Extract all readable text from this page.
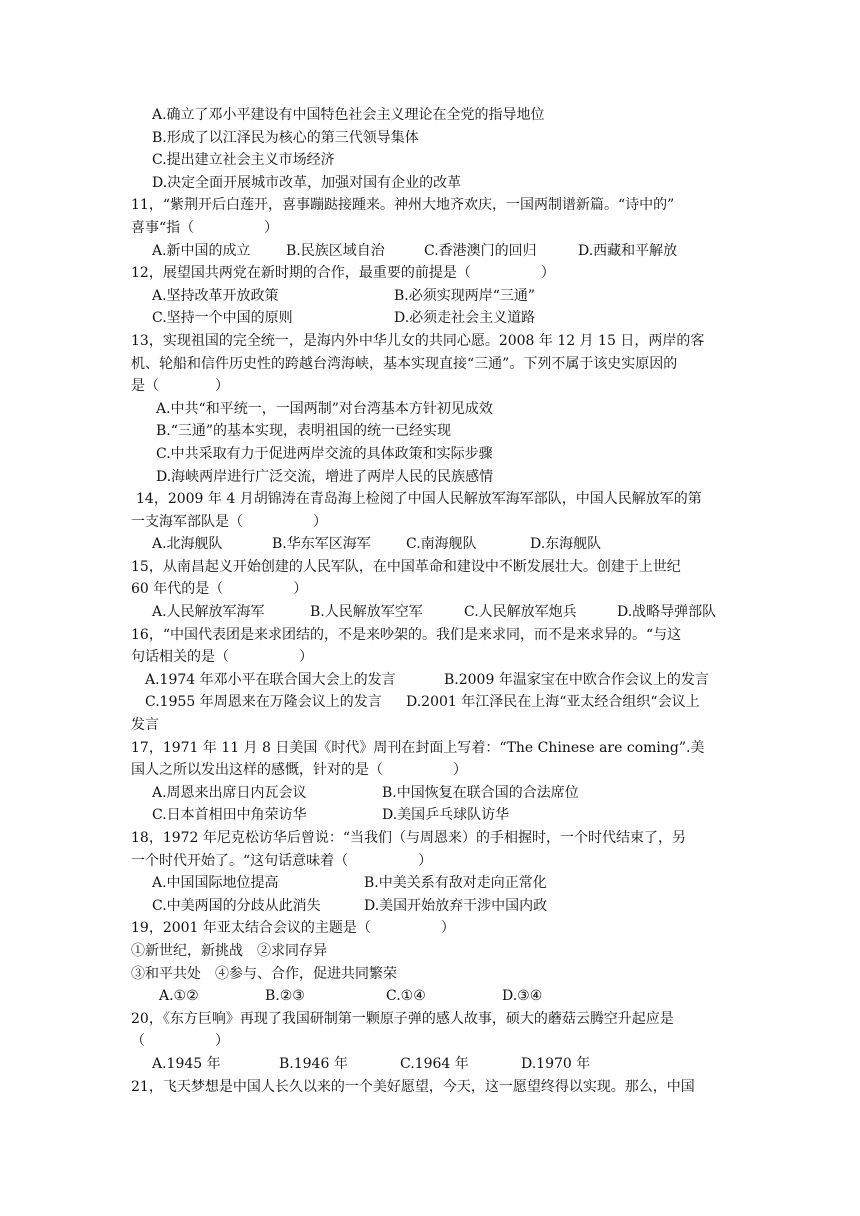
A.确立了邓小平建设有中国特色社会主义理论在全党的指导地位
B.形成了以江泽民为核心的第三代领导集体
C.提出建立社会主义市场经济
D.决定全面开展城市改革，加强对国有企业的改革
11，“紫荆开后白莲开，喜事蹦跶接踵来。神州大地齐欢庆，一国两制谱新篇。“诗中的”
喜事“指（　　　　　）
A.新中国的成立	B.民族区域自治	C.香港澳门的回归	D.西藏和平解放
12，展望国共两党在新时期的合作，最重要的前提是（　　　　　）
A.坚持改革开放政策	B.必须实现两岸“三通”
C.坚持一个中国的原则	D.必须走社会主义道路
13，实现祖国的完全统一，是海内外中华儿女的共同心愿。2008 年 12 月 15 日，两岸的客
机、轮船和信件历史性的跨越台湾海峡，基本实现直接“三通”。下列不属于该史实原因的
是（　　　　）
A.中共“和平统一，一国两制”对台湾基本方针初见成效
B.“三通”的基本实现，表明祖国的统一已经实现
C.中共采取有力于促进两岸交流的具体政策和实际步骤
D.海峡两岸进行广泛交流，增进了两岸人民的民族感情
14，2009 年 4 月胡锦涛在青岛海上检阅了中国人民解放军海军部队，中国人民解放军的第
一支海军部队是（　　　　　）
A.北海舰队	B.华东军区海军	C.南海舰队	D.东海舰队
15，从南昌起义开始创建的人民军队，在中国革命和建设中不断发展壮大。创建于上世纪
60 年代的是（　　　　　）
A.人民解放军海军	B.人民解放军空军	C.人民解放军炮兵	D.战略导弹部队
16，“中国代表团是来求团结的，不是来吵架的。我们是来求同，而不是来求异的。“与这
句话相关的是（　　　　　）
A.1974 年邓小平在联合国大会上的发言	B.2009 年温家宝在中欧合作会议上的发言
C.1955 年周恩来在万隆会议上的发言 D.2001 年江泽民在上海“亚太经合组织“会议上
发言
17，1971 年 11 月 8 日美国《时代》周刊在封面上写着：“The Chinese are coming”.美
国人之所以发出这样的感慨，针对的是（　　　　　）
A.周恩来出席日内瓦会议	B.中国恢复在联合国的合法席位
C.日本首相田中角荣访华	D.美国乒乓球队访华
18，1972 年尼克松访华后曾说：“当我们（与周恩来）的手相握时，一个时代结束了，另
一个时代开始了。“这句话意味着（　　　　　）
A.中国国际地位提高	B.中美关系有敌对走向正常化
C.中美两国的分歧从此消失	D.美国开始放弃干涉中国内政
19，2001 年亚太结合会议的主题是（　　　　　）
①新世纪，新挑战　②求同存异
③和平共处　④参与、合作，促进共同繁荣
A.①②	B.②③	C.①④	D.③④
20，《东方巨响》再现了我国研制第一颗原子弹的感人故事，硕大的蘑菇云腾空升起应是
（　　　　　）
A.1945 年	B.1946 年	C.1964 年	D.1970 年
21，飞天梦想是中国人长久以来的一个美好愿望，今天，这一愿望终得以实现。那么，中国
